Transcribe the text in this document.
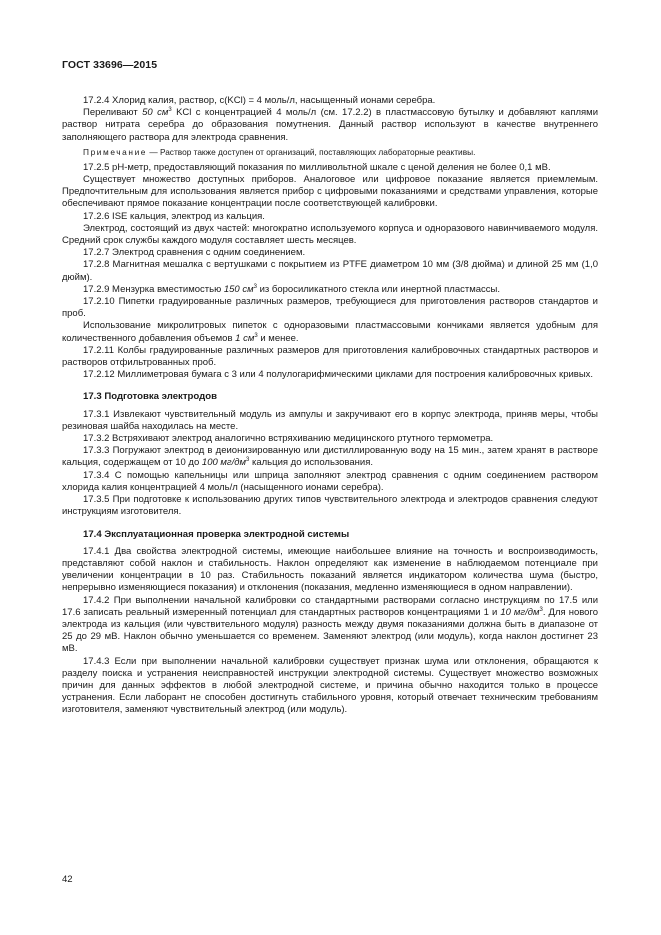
ГОСТ 33696—2015

17.2.4 Хлорид калия, раствор, c(KCl) = 4 моль/л, насыщенный ионами серебра.

Переливают 50 $см^3$ KCl с концентрацией 4 моль/л (см. 17.2.2) в пластмассовую бутылку и добавляют каплями раствор нитрата серебра до образования помутнения. Данный раствор используют в качестве внутреннего заполняющего раствора для электрода сравнения.

Примечание — Раствор также доступен от организаций, поставляющих лабораторные реактивы.

17.2.5 pH-метр, предоставляющий показания по милливольтной шкале с ценой деления не более 0,1 мВ.

Существует множество доступных приборов. Аналоговое или цифровое показание является приемлемым. Предпочтительным для использования является прибор с цифровыми показаниями и средствами управления, которые обеспечивают прямое показание концентрации после соответствующей калибровки.

17.2.6 ISE кальция, электрод из кальция.

Электрод, состоящий из двух частей: многократно используемого корпуса и одноразового навинчиваемого модуля. Средний срок службы каждого модуля составляет шесть месяцев.

17.2.7 Электрод сравнения с одним соединением.

17.2.8 Магнитная мешалка с вертушками с покрытием из PTFE диаметром 10 мм (3/8 дюйма) и длиной 25 мм (1,0 дюйм).

17.2.9 Мензурка вместимостью 150 $см^3$ из боросиликатного стекла или инертной пластмассы.

17.2.10 Пипетки градуированные различных размеров, требующиеся для приготовления растворов стандартов и проб.

Использование микролитровых пипеток с одноразовыми пластмассовыми кончиками является удобным для количественного добавления объемов 1 $см^3$ и менее.

17.2.11 Колбы градуированные различных размеров для приготовления калибровочных стандартных растворов и растворов отфильтрованных проб.

17.2.12 Миллиметровая бумага с 3 или 4 полулогарифмическими циклами для построения калибровочных кривых.

17.3 Подготовка электродов

17.3.1 Извлекают чувствительный модуль из ампулы и закручивают его в корпус электрода, приняв меры, чтобы резиновая шайба находилась на месте.

17.3.2 Встряхивают электрод аналогично встряхиванию медицинского ртутного термометра.

17.3.3 Погружают электрод в деионизированную или дистиллированную воду на 15 мин., затем хранят в растворе кальция, содержащем от 10 до 100 $мг/дм^3$ кальция до использования.

17.3.4 С помощью капельницы или шприца заполняют электрод сравнения с одним соединением раствором хлорида калия концентрацией 4 моль/л (насыщенного ионами серебра).

17.3.5 При подготовке к использованию других типов чувствительного электрода и электродов сравнения следуют инструкциям изготовителя.

17.4 Эксплуатационная проверка электродной системы

17.4.1 Два свойства электродной системы, имеющие наибольшее влияние на точность и воспроизводимость, представляют собой наклон и стабильность. Наклон определяют как изменение в наблюдаемом потенциале при увеличении концентрации в 10 раз. Стабильность показаний является индикатором количества шума (быстро, непрерывно изменяющиеся показания) и отклонения (показания, медленно изменяющиеся в одном направлении).

17.4.2 При выполнении начальной калибровки со стандартными растворами согласно инструкциям по 17.5 или 17.6 записать реальный измеренный потенциал для стандартных растворов концентрациями 1 и 10 $мг/дм^3$. Для нового электрода из кальция (или чувствительного модуля) разность между двумя показаниями должна быть в диапазоне от 25 до 29 мВ. Наклон обычно уменьшается со временем. Заменяют электрод (или модуль), когда наклон достигнет 23 мВ.

17.4.3 Если при выполнении начальной калибровки существует признак шума или отклонения, обращаются к разделу поиска и устранения неисправностей инструкции электродной системы. Существует множество возможных причин для данных эффектов в любой электродной системе, и причина обычно находится только в процессе устранения. Если лаборант не способен достигнуть стабильного уровня, который отвечает техническим требованиям изготовителя, заменяют чувствительный электрод (или модуль).

42
